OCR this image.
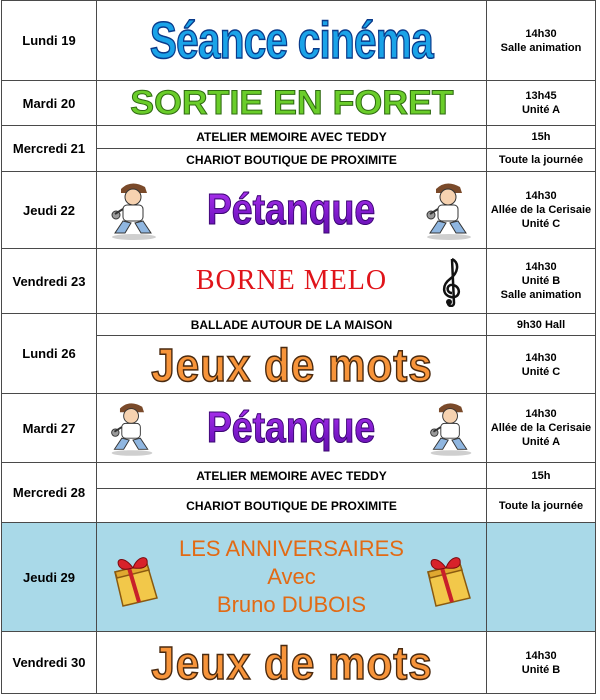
Lundi 19	Séance cinéma	14h30
Salle animation

Mardi 20	SORTIE EN FORET	13h45
Unité A

Mercredi 21	ATELIER MEMOIRE AVEC TEDDY	15h
	CHARIOT BOUTIQUE DE PROXIMITE	Toute la journée
Jeudi 22	Pétanque	14h30
Allée de la Cerisaie
Unité C

Vendredi 23	BORNE MELO	14h30
Unité B
Salle animation

Lundi 26	BALLADE AUTOUR DE LA MAISON	9h30 Hall
	Jeux de mots	14h30
Unité C

Mardi 27	Pétanque	14h30
Allée de la Cerisaie
Unité A

Mercredi 28	ATELIER MEMOIRE AVEC TEDDY	15h
	CHARIOT BOUTIQUE DE PROXIMITE	Toute la journée
Jeudi 29	LES ANNIVERSAIRES
Avec
Bruno DUBOIS	

Vendredi 30	Jeux de mots	14h30
Unité B
